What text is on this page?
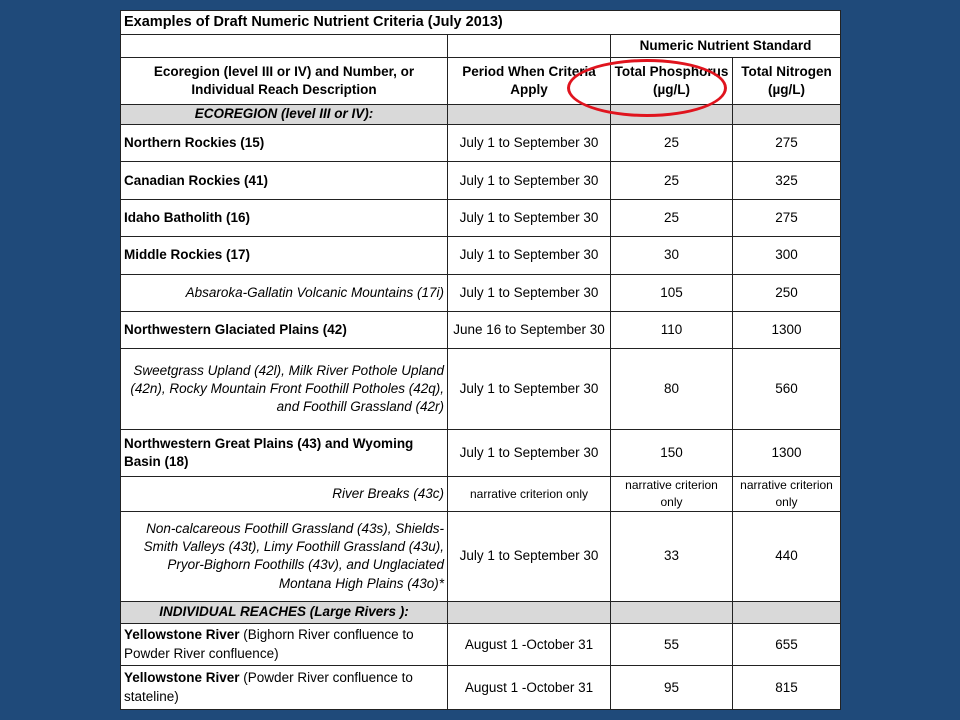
Examples of Draft Numeric Nutrient Criteria (July 2013)			
		Numeric Nutrient Standard	
Ecoregion (level III or IV) and Number, or Individual Reach Description	Period When Criteria Apply	Total Phosphorus (µg/L)	Total Nitrogen (µg/L)
ECOREGION (level III or IV):			
Northern Rockies (15)	July 1 to September 30	25	275
Canadian Rockies (41)	July 1 to September 30	25	325
Idaho Batholith (16)	July 1 to September 30	25	275
Middle Rockies (17)	July 1 to September 30	30	300
Absaroka-Gallatin Volcanic Mountains (17i)	July 1 to September 30	105	250
Northwestern Glaciated Plains (42)	June 16 to September 30	110	1300
Sweetgrass Upland (42l), Milk River Pothole Upland (42n), Rocky Mountain Front Foothill Potholes (42q), and Foothill Grassland (42r)	July 1 to September 30	80	560
Northwestern Great Plains (43) and Wyoming Basin (18)	July 1 to September 30	150	1300
River Breaks (43c)	narrative criterion only	narrative criterion only	narrative criterion only
Non-calcareous Foothill Grassland (43s), Shields-Smith Valleys (43t), Limy Foothill Grassland (43u), Pryor-Bighorn Foothills (43v), and Unglaciated Montana High Plains (43o)*	July 1 to September 30	33	440
INDIVIDUAL REACHES (Large Rivers ):			
Yellowstone River (Bighorn River confluence to Powder River confluence)	August 1 -October 31	55	655
Yellowstone River (Powder River confluence to stateline)	August 1 -October 31	95	815
